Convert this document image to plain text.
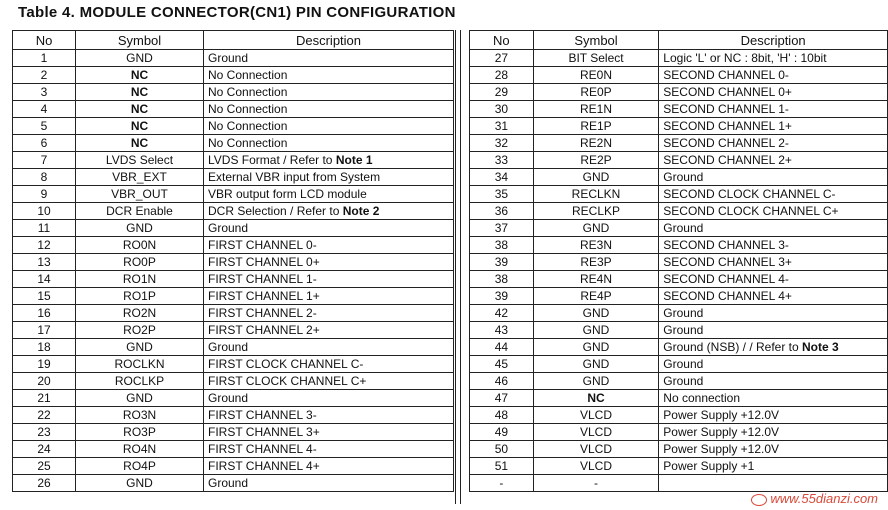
Table 4. MODULE CONNECTOR(CN1) PIN CONFIGURATION
No	Symbol	Description
1	GND	Ground
2	NC	No Connection
3	NC	No Connection
4	NC	No Connection
5	NC	No Connection
6	NC	No Connection
7	LVDS Select	LVDS Format / Refer to Note 1
8	VBR_EXT	External VBR input from System
9	VBR_OUT	VBR output form LCD module
10	DCR Enable	DCR Selection / Refer to Note 2
11	GND	Ground
12	RO0N	FIRST CHANNEL 0-
13	RO0P	FIRST CHANNEL 0+
14	RO1N	FIRST CHANNEL 1-
15	RO1P	FIRST CHANNEL 1+
16	RO2N	FIRST CHANNEL 2-
17	RO2P	FIRST CHANNEL 2+
18	GND	Ground
19	ROCLKN	FIRST CLOCK CHANNEL C-
20	ROCLKP	FIRST CLOCK CHANNEL C+
21	GND	Ground
22	RO3N	FIRST CHANNEL 3-
23	RO3P	FIRST CHANNEL 3+
24	RO4N	FIRST CHANNEL 4-
25	RO4P	FIRST CHANNEL 4+
26	GND	Ground
No	Symbol	Description
27	BIT Select	Logic 'L' or NC : 8bit, 'H' : 10bit
28	RE0N	SECOND CHANNEL 0-
29	RE0P	SECOND CHANNEL 0+
30	RE1N	SECOND CHANNEL 1-
31	RE1P	SECOND CHANNEL 1+
32	RE2N	SECOND CHANNEL 2-
33	RE2P	SECOND CHANNEL 2+
34	GND	Ground
35	RECLKN	SECOND CLOCK CHANNEL C-
36	RECLKP	SECOND CLOCK CHANNEL C+
37	GND	Ground
38	RE3N	SECOND CHANNEL 3-
39	RE3P	SECOND CHANNEL 3+
38	RE4N	SECOND CHANNEL 4-
39	RE4P	SECOND CHANNEL 4+
42	GND	Ground
43	GND	Ground
44	GND	Ground (NSB) / / Refer to Note 3
45	GND	Ground
46	GND	Ground
47	NC	No connection
48	VLCD	Power Supply +12.0V
49	VLCD	Power Supply +12.0V
50	VLCD	Power Supply +12.0V
51	VLCD	Power Supply +1
-	-	
www.55dianzi.com
